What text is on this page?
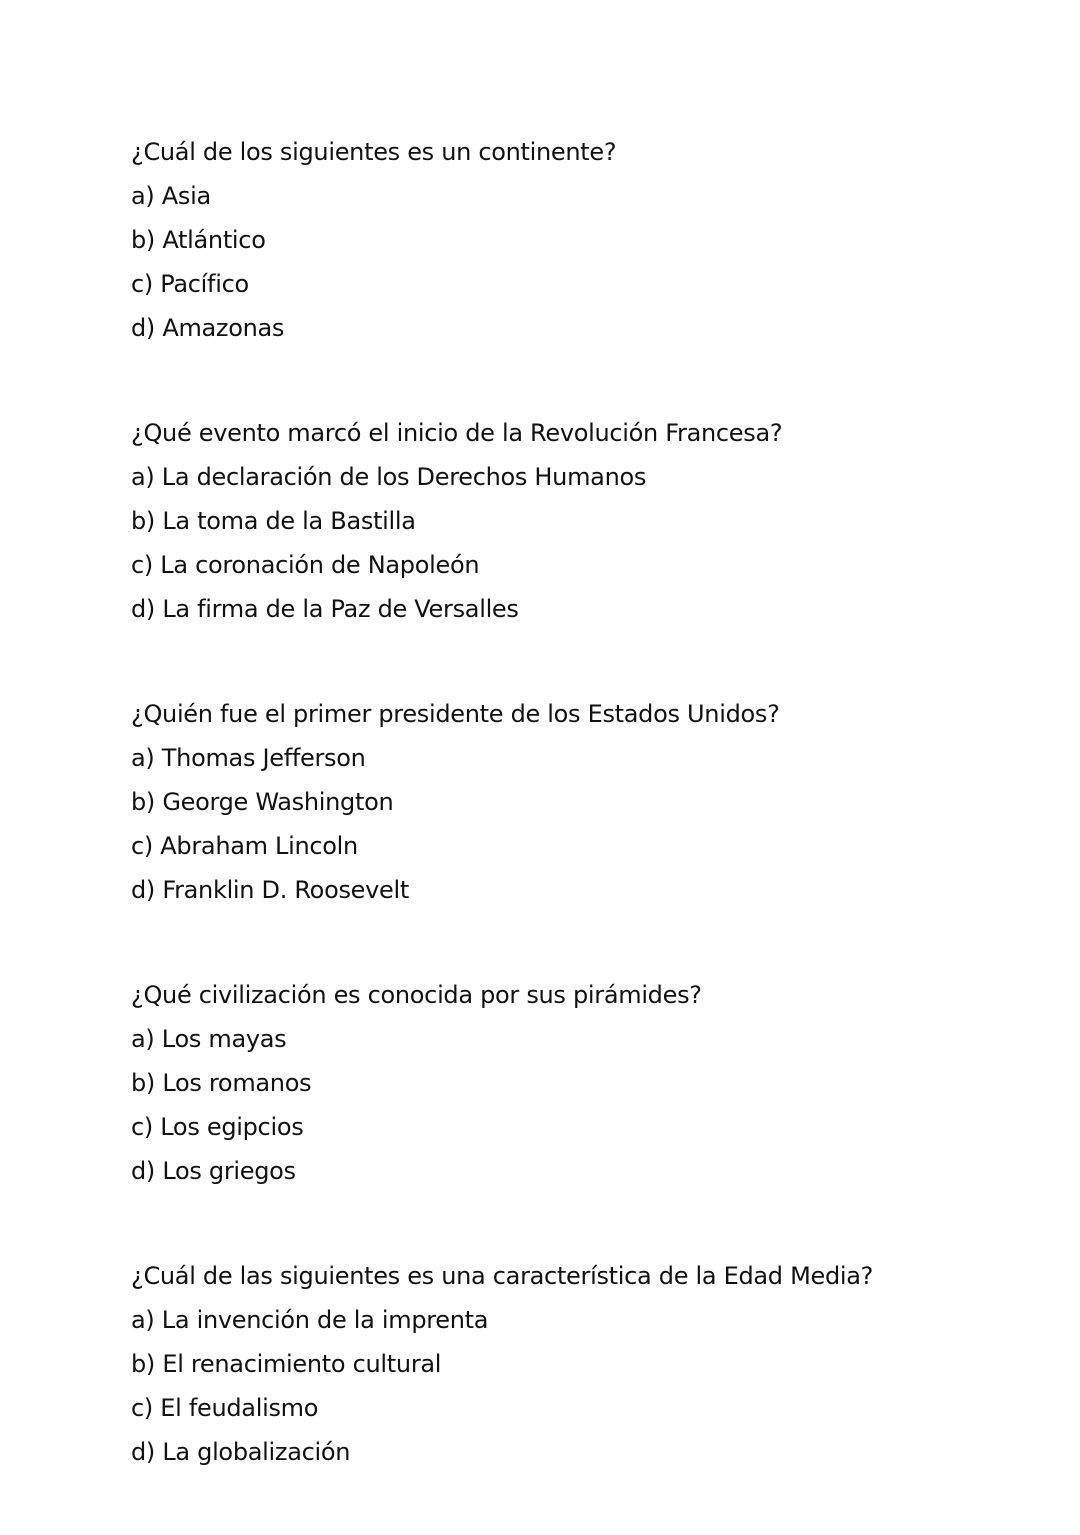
¿Cuál de los siguientes es un continente?
a) Asia
b) Atlántico
c) Pacífico
d) Amazonas
¿Qué evento marcó el inicio de la Revolución Francesa?
a) La declaración de los Derechos Humanos
b) La toma de la Bastilla
c) La coronación de Napoleón
d) La firma de la Paz de Versalles
¿Quién fue el primer presidente de los Estados Unidos?
a) Thomas Jefferson
b) George Washington
c) Abraham Lincoln
d) Franklin D. Roosevelt
¿Qué civilización es conocida por sus pirámides?
a) Los mayas
b) Los romanos
c) Los egipcios
d) Los griegos
¿Cuál de las siguientes es una característica de la Edad Media?
a) La invención de la imprenta
b) El renacimiento cultural
c) El feudalismo
d) La globalización
